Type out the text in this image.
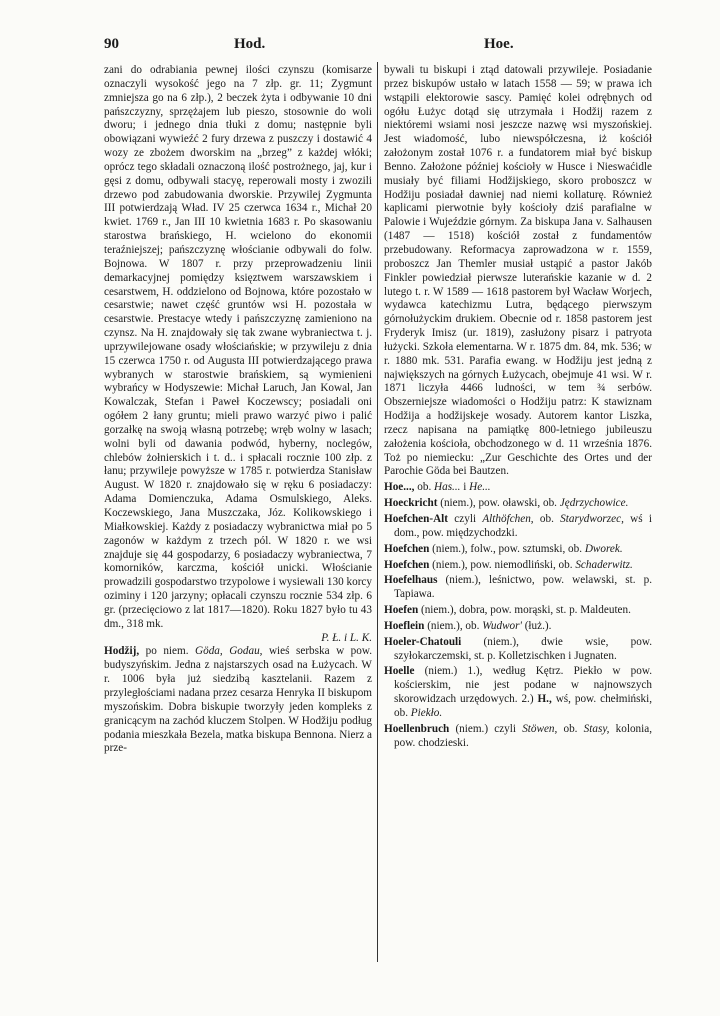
90	Hod.	Hoe.

zani do odrabiania pewnej ilości czynszu (komisarze oznaczyli wysokość jego na 7 złp. gr. 11; Zygmunt zmniejsza go na 6 złp.), 2 beczek żyta i odbywanie 10 dni pańszczyzny, sprzężajem lub pieszo, stosownie do woli dworu; i jednego dnia tłuki z domu; następnie byli obowiązani wywieźć 2 fury drzewa z puszczy i dostawić 4 wozy ze zbożem dworskim na „brzeg” z każdej włóki; oprócz tego składali oznaczoną ilość postrożnego, jaj, kur i gęsi z domu, odbywali stacyę, reperowali mosty i zwozili drzewo pod zabudowania dworskie. Przywilej Zygmunta III potwierdzają Wład. IV 25 czerwca 1634 r., Michał 20 kwiet. 1769 r., Jan III 10 kwietnia 1683 r. Po skasowaniu starostwa brańskiego, H. wcielono do ekonomii teraźniejszej; pańszczyznę włościanie odbywali do folw. Bojnowa. W 1807 r. przy przeprowadzeniu linii demarkacyjnej pomiędzy księztwem warszawskiem i cesarstwem, H. oddzielono od Bojnowa, które pozostało w cesarstwie; nawet część gruntów wsi H. pozostała w cesarstwie. Prestacye wtedy i pańszczyznę zamieniono na czynsz. Na H. znajdowały się tak zwane wybraniectwa t. j. uprzywilejowane osady włościańskie; w przywileju z dnia 15 czerwca 1750 r. od Augusta III potwierdzającego prawa wybranych w starostwie brańskiem, są wymienieni wybrańcy w Hodyszewie: Michał Laruch, Jan Kowal, Jan Kowalczak, Stefan i Paweł Koczewscy; posiadali oni ogółem 2 łany gruntu; mieli prawo warzyć piwo i palić gorzałkę na swoją własną potrzebę; wręb wolny w lasach; wolni byli od dawania podwód, hyberny, noclegów, chlebów żołnierskich i t. d.. i spłacali rocznie 100 złp. z łanu; przywileje powyższe w 1785 r. potwierdza Stanisław August. W 1820 r. znajdowało się w ręku 6 posiadaczy: Adama Domienczuka, Adama Osmulskiego, Aleks. Koczewskiego, Jana Muszczaka, Józ. Kolikowskiego i Miałkowskiej. Każdy z posiadaczy wybranictwa miał po 5 zagonów w każdym z trzech pól. W 1820 r. we wsi znajduje się 44 gospodarzy, 6 posiadaczy wybraniectwa, 7 komorników, karczma, kościół unicki. Włościanie prowadzili gospodarstwo trzypolowe i wysiewali 130 korcy oziminy i 120 jarzyny; opłacali czynszu rocznie 534 złp. 6 gr. (przecięciowo z lat 1817—1820). Roku 1827 było tu 43 dm., 318 mk.

P. Ł. i L. K.

Hodžij, po niem. Göda, Godau, wieś serbska w pow. budyszyńskim. Jedna z najstarszych osad na Łużycach. W r. 1006 była już siedzibą kasztelanii. Razem z przyległościami nadana przez cesarza Henryka II biskupom myszońskim. Dobra biskupie tworzyły jeden kompleks z granicącym na zachód kluczem Stolpen. W Hodžiju podług podania mieszkała Bezela, matka biskupa Bennona. Nierz a prze-

bywali tu biskupi i ztąd datowali przywileje. Posiadanie przez biskupów ustało w latach 1558 — 59; w prawa ich wstąpili elektorowie sascy. Pamięć kolei odrębnych od ogółu Łużyc dotąd się utrzymała i Hodžij razem z niektóremi wsiami nosi jeszcze nazwę wsi myszońskiej. Jest wiadomość, lubo niewspółczesna, iż kościół założonym został 1076 r. a fundatorem miał być biskup Benno. Założone później kościoły w Husce i Nieswaćidle musiały być filiami Hodžijskiego, skoro proboszcz w Hodžiju posiadał dawniej nad niemi kollaturę. Również kaplicami pierwotnie były kościoły dziś parafialne w Palowie i Wujeździe górnym. Za biskupa Jana v. Salhausen (1487 — 1518) kościół został z fundamentów przebudowany. Reformacya zaprowadzona w r. 1559, proboszcz Jan Themler musiał ustąpić a pastor Jakób Finkler powiedział pierwsze luterańskie kazanie w d. 2 lutego t. r. W 1589 — 1618 pastorem był Wacław Worjech, wydawca katechizmu Lutra, będącego pierwszym górnołużyckim drukiem. Obecnie od r. 1858 pastorem jest Fryderyk Imisz (ur. 1819), zasłużony pisarz i patryota łużycki. Szkoła elementarna. W r. 1875 dm. 84, mk. 536; w r. 1880 mk. 531. Parafia ewang. w Hodžiju jest jedną z największych na górnych Łużycach, obejmuje 41 wsi. W r. 1871 liczyła 4466 ludności, w tem ¾ serbów. Obszerniejsze wiadomości o Hodžiju patrz: K stawiznam Hodžija a hodžijskeje wosady. Autorem kantor Liszka, rzecz napisana na pamiątkę 800-letniego jubileuszu założenia kościoła, obchodzonego w d. 11 września 1876. Toż po niemiecku: „Zur Geschichte des Ortes und der Parochie Göda bei Bautzen.

Hoe..., ob. Has... i He...

Hoeckricht (niem.), pow. oławski, ob. Jędrzychowice.

Hoefchen-Alt czyli Althöfchen, ob. Starydworzec, wś i dom., pow. międzychodzki.

Hoefchen (niem.), folw., pow. sztumski, ob. Dworek.

Hoefchen (niem.), pow. niemodliński, ob. Schaderwitz.

Hoefelhaus (niem.), leśnictwo, pow. welawski, st. p. Tapiawa.

Hoefen (niem.), dobra, pow. morąski, st. p. Maldeuten.

Hoeflein (niem.), ob. Wudwor' (łuż.).

Hoeler-Chatouli (niem.), dwie wsie, pow. szyłokarczemski, st. p. Kolletzischken i Jugnaten.

Hoelle (niem.) 1.), według Kętrz. Piekło w pow. kościerskim, nie jest podane w najnowszych skorowidzach urzędowych. 2.) H., wś, pow. chełmiński, ob. Piekło.

Hoellenbruch (niem.) czyli Stöwen, ob. Stasy, kolonia, pow. chodzieski.
